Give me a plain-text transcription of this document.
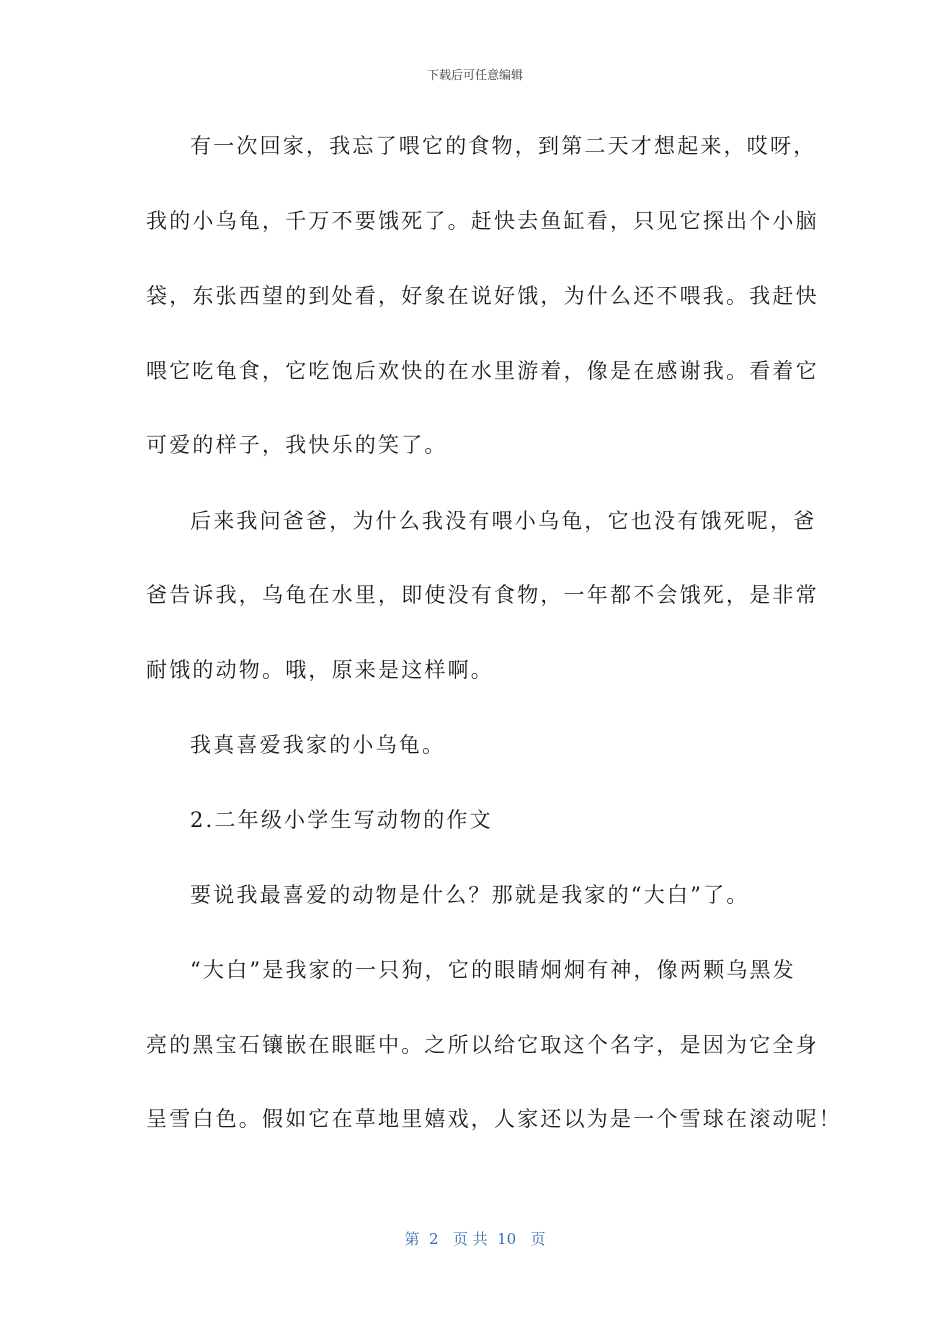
下载后可任意编辑
有一次回家，我忘了喂它的食物，到第二天才想起来，哎呀，
我的小乌龟，千万不要饿死了。赶快去鱼缸看，只见它探出个小脑
袋，东张西望的到处看，好象在说好饿，为什么还不喂我。我赶快
喂它吃龟食，它吃饱后欢快的在水里游着，像是在感谢我。看着它
可爱的样子，我快乐的笑了。
后来我问爸爸，为什么我没有喂小乌龟，它也没有饿死呢，爸
爸告诉我，乌龟在水里，即使没有食物，一年都不会饿死，是非常
耐饿的动物。哦，原来是这样啊。
我真喜爱我家的小乌龟。
2.二年级小学生写动物的作文
要说我最喜爱的动物是什么？那就是我家的“大白”了。
“大白”是我家的一只狗，它的眼睛炯炯有神，像两颗乌黑发
亮的黑宝石镶嵌在眼眶中。之所以给它取这个名字，是因为它全身
呈雪白色。假如它在草地里嬉戏，人家还以为是一个雪球在滚动呢！
第  2   页 共  10   页
